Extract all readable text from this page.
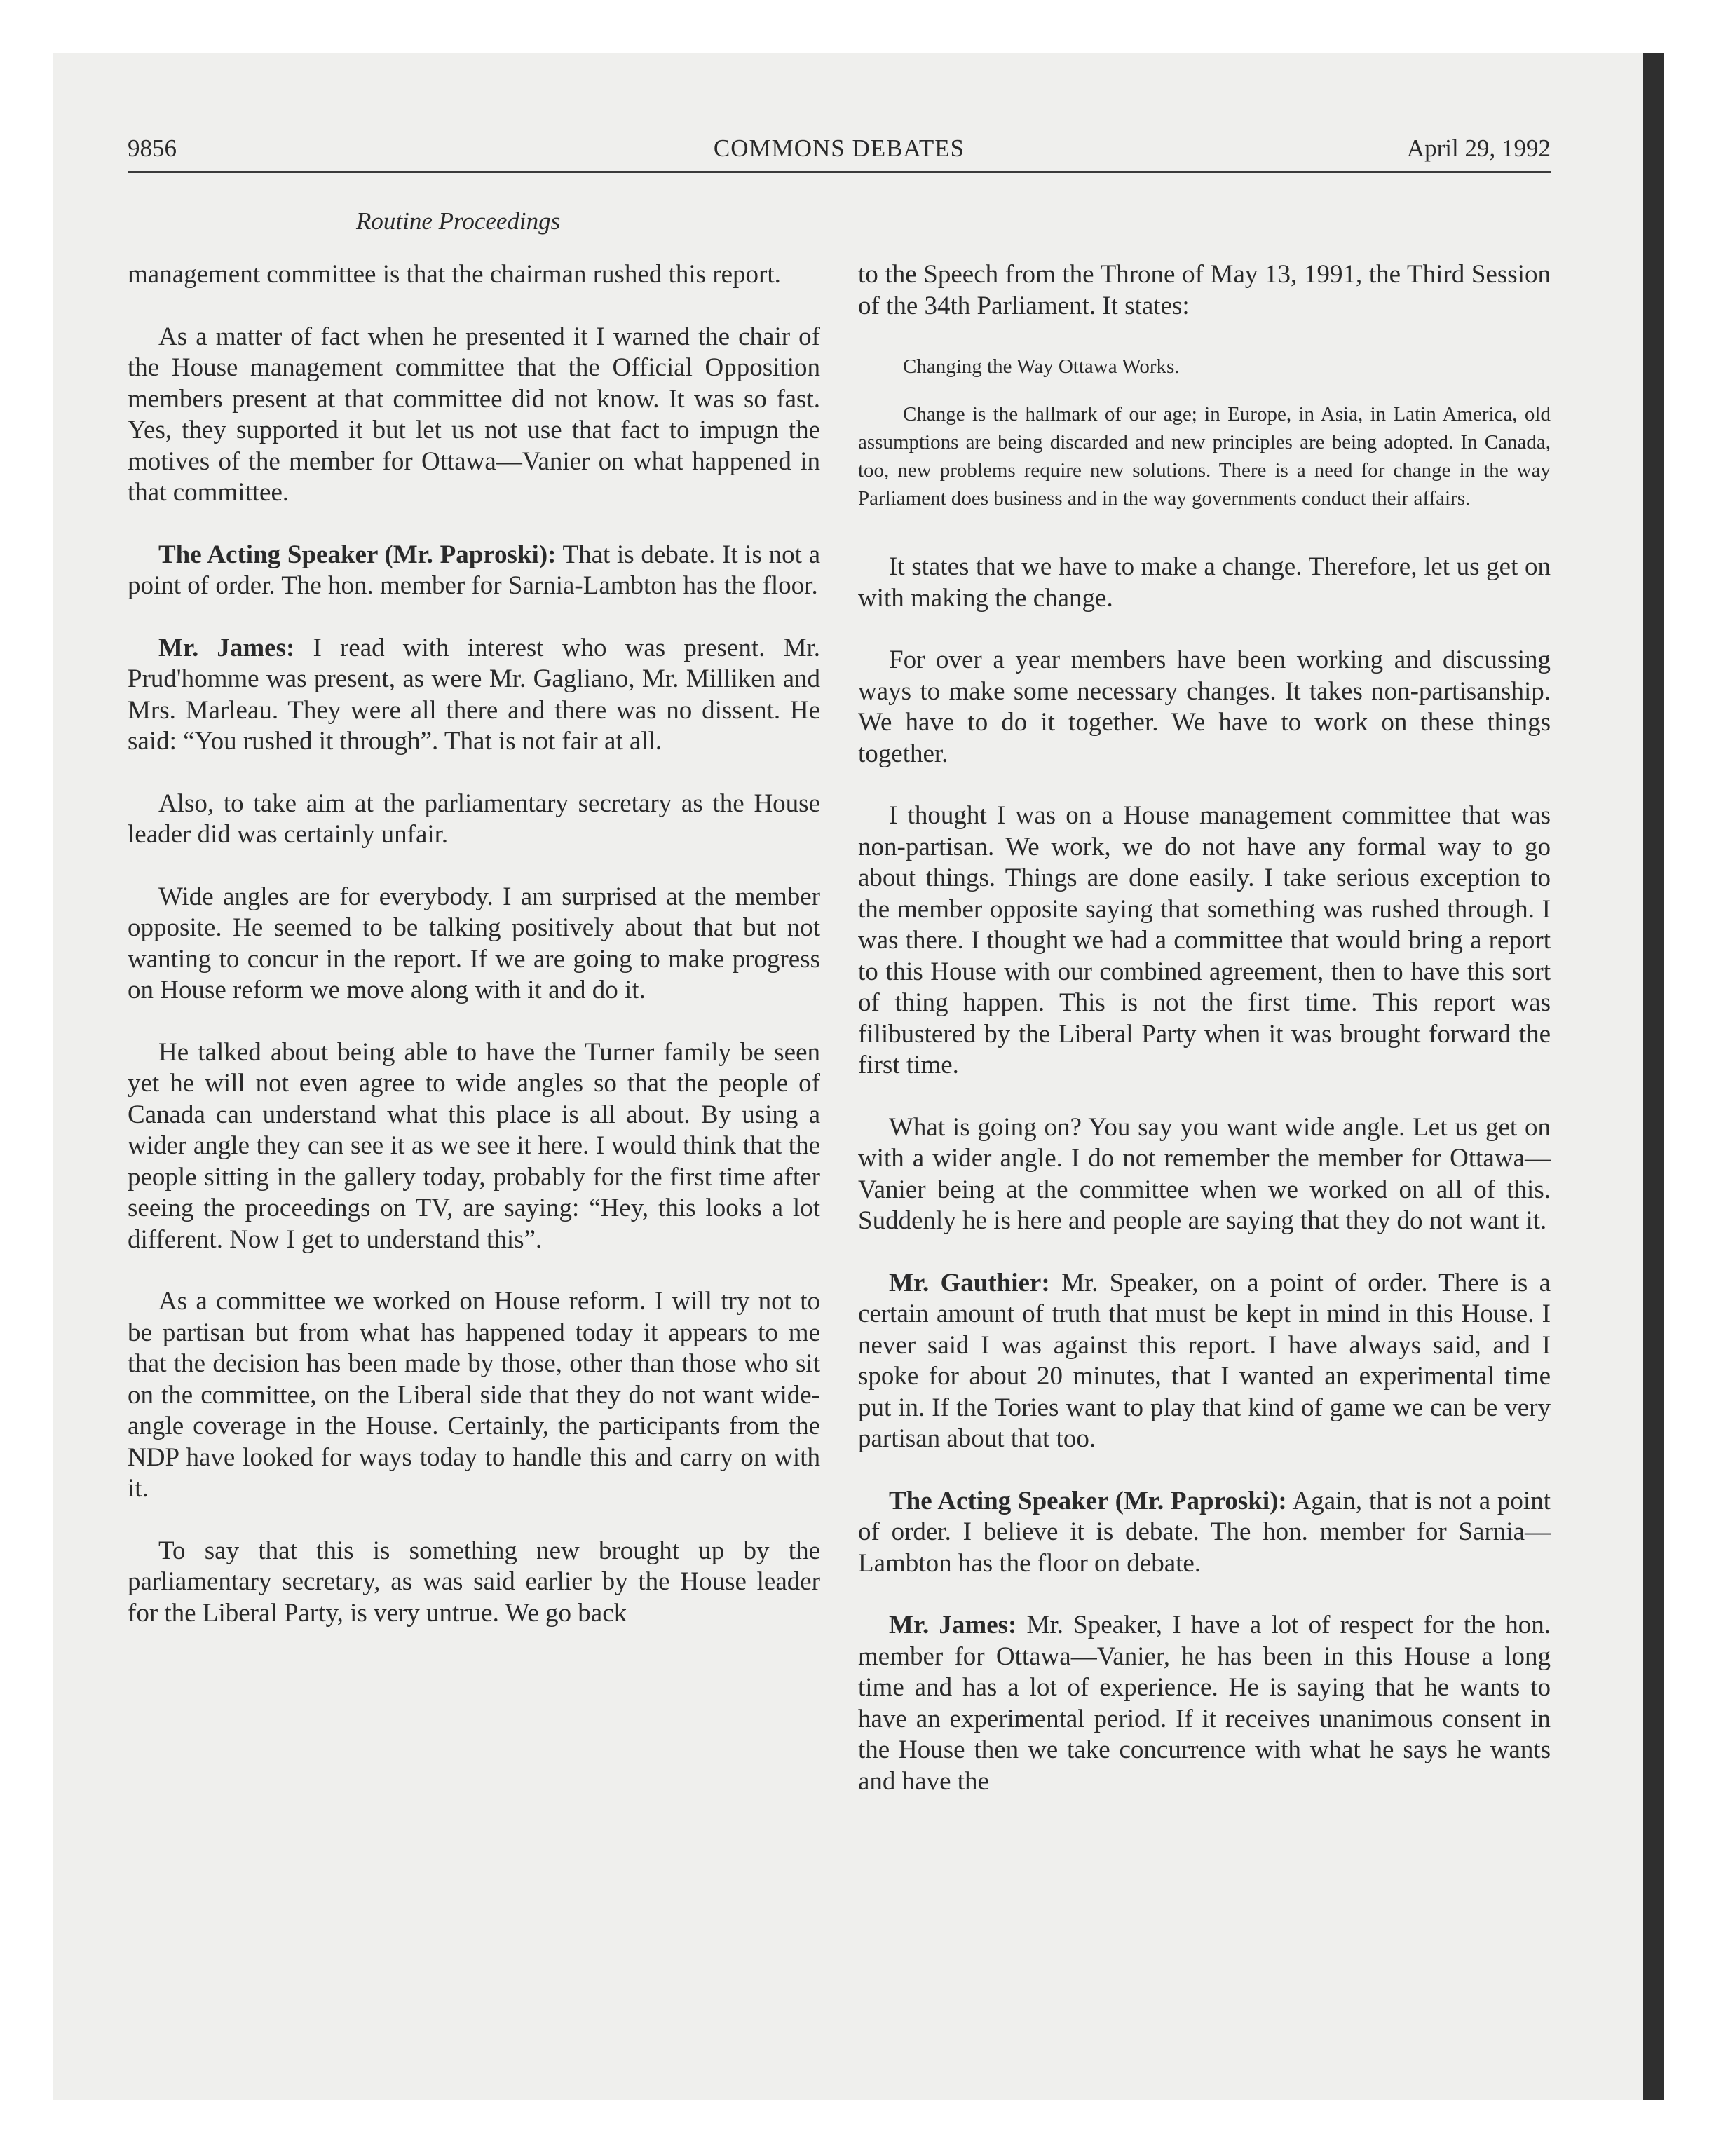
9856	COMMONS DEBATES	April 29, 1992
Routine Proceedings

management committee is that the chairman rushed this report.

As a matter of fact when he presented it I warned the chair of the House management committee that the Official Opposition members present at that committee did not know. It was so fast. Yes, they supported it but let us not use that fact to impugn the motives of the member for Ottawa—Vanier on what happened in that committee.

The Acting Speaker (Mr. Paproski): That is debate. It is not a point of order. The hon. member for Sarnia-Lambton has the floor.

Mr. James: I read with interest who was present. Mr. Prud'homme was present, as were Mr. Gagliano, Mr. Milliken and Mrs. Marleau. They were all there and there was no dissent. He said: “You rushed it through”. That is not fair at all.

Also, to take aim at the parliamentary secretary as the House leader did was certainly unfair.

Wide angles are for everybody. I am surprised at the member opposite. He seemed to be talking positively about that but not wanting to concur in the report. If we are going to make progress on House reform we move along with it and do it.

He talked about being able to have the Turner family be seen yet he will not even agree to wide angles so that the people of Canada can understand what this place is all about. By using a wider angle they can see it as we see it here. I would think that the people sitting in the gallery today, probably for the first time after seeing the proceedings on TV, are saying: “Hey, this looks a lot different. Now I get to understand this”.

As a committee we worked on House reform. I will try not to be partisan but from what has happened today it appears to me that the decision has been made by those, other than those who sit on the committee, on the Liberal side that they do not want wide-angle coverage in the House. Certainly, the participants from the NDP have looked for ways today to handle this and carry on with it.

To say that this is something new brought up by the parliamentary secretary, as was said earlier by the House leader for the Liberal Party, is very untrue. We go back

to the Speech from the Throne of May 13, 1991, the Third Session of the 34th Parliament. It states:

Changing the Way Ottawa Works.

Change is the hallmark of our age; in Europe, in Asia, in Latin America, old assumptions are being discarded and new principles are being adopted. In Canada, too, new problems require new solutions. There is a need for change in the way Parliament does business and in the way governments conduct their affairs.

It states that we have to make a change. Therefore, let us get on with making the change.

For over a year members have been working and discussing ways to make some necessary changes. It takes non-partisanship. We have to do it together. We have to work on these things together.

I thought I was on a House management committee that was non-partisan. We work, we do not have any formal way to go about things. Things are done easily. I take serious exception to the member opposite saying that something was rushed through. I was there. I thought we had a committee that would bring a report to this House with our combined agreement, then to have this sort of thing happen. This is not the first time. This report was filibustered by the Liberal Party when it was brought forward the first time.

What is going on? You say you want wide angle. Let us get on with a wider angle. I do not remember the member for Ottawa—Vanier being at the committee when we worked on all of this. Suddenly he is here and people are saying that they do not want it.

Mr. Gauthier: Mr. Speaker, on a point of order. There is a certain amount of truth that must be kept in mind in this House. I never said I was against this report. I have always said, and I spoke for about 20 minutes, that I wanted an experimental time put in. If the Tories want to play that kind of game we can be very partisan about that too.

The Acting Speaker (Mr. Paproski): Again, that is not a point of order. I believe it is debate. The hon. member for Sarnia—Lambton has the floor on debate.

Mr. James: Mr. Speaker, I have a lot of respect for the hon. member for Ottawa—Vanier, he has been in this House a long time and has a lot of experience. He is saying that he wants to have an experimental period. If it receives unanimous consent in the House then we take concurrence with what he says he wants and have the
